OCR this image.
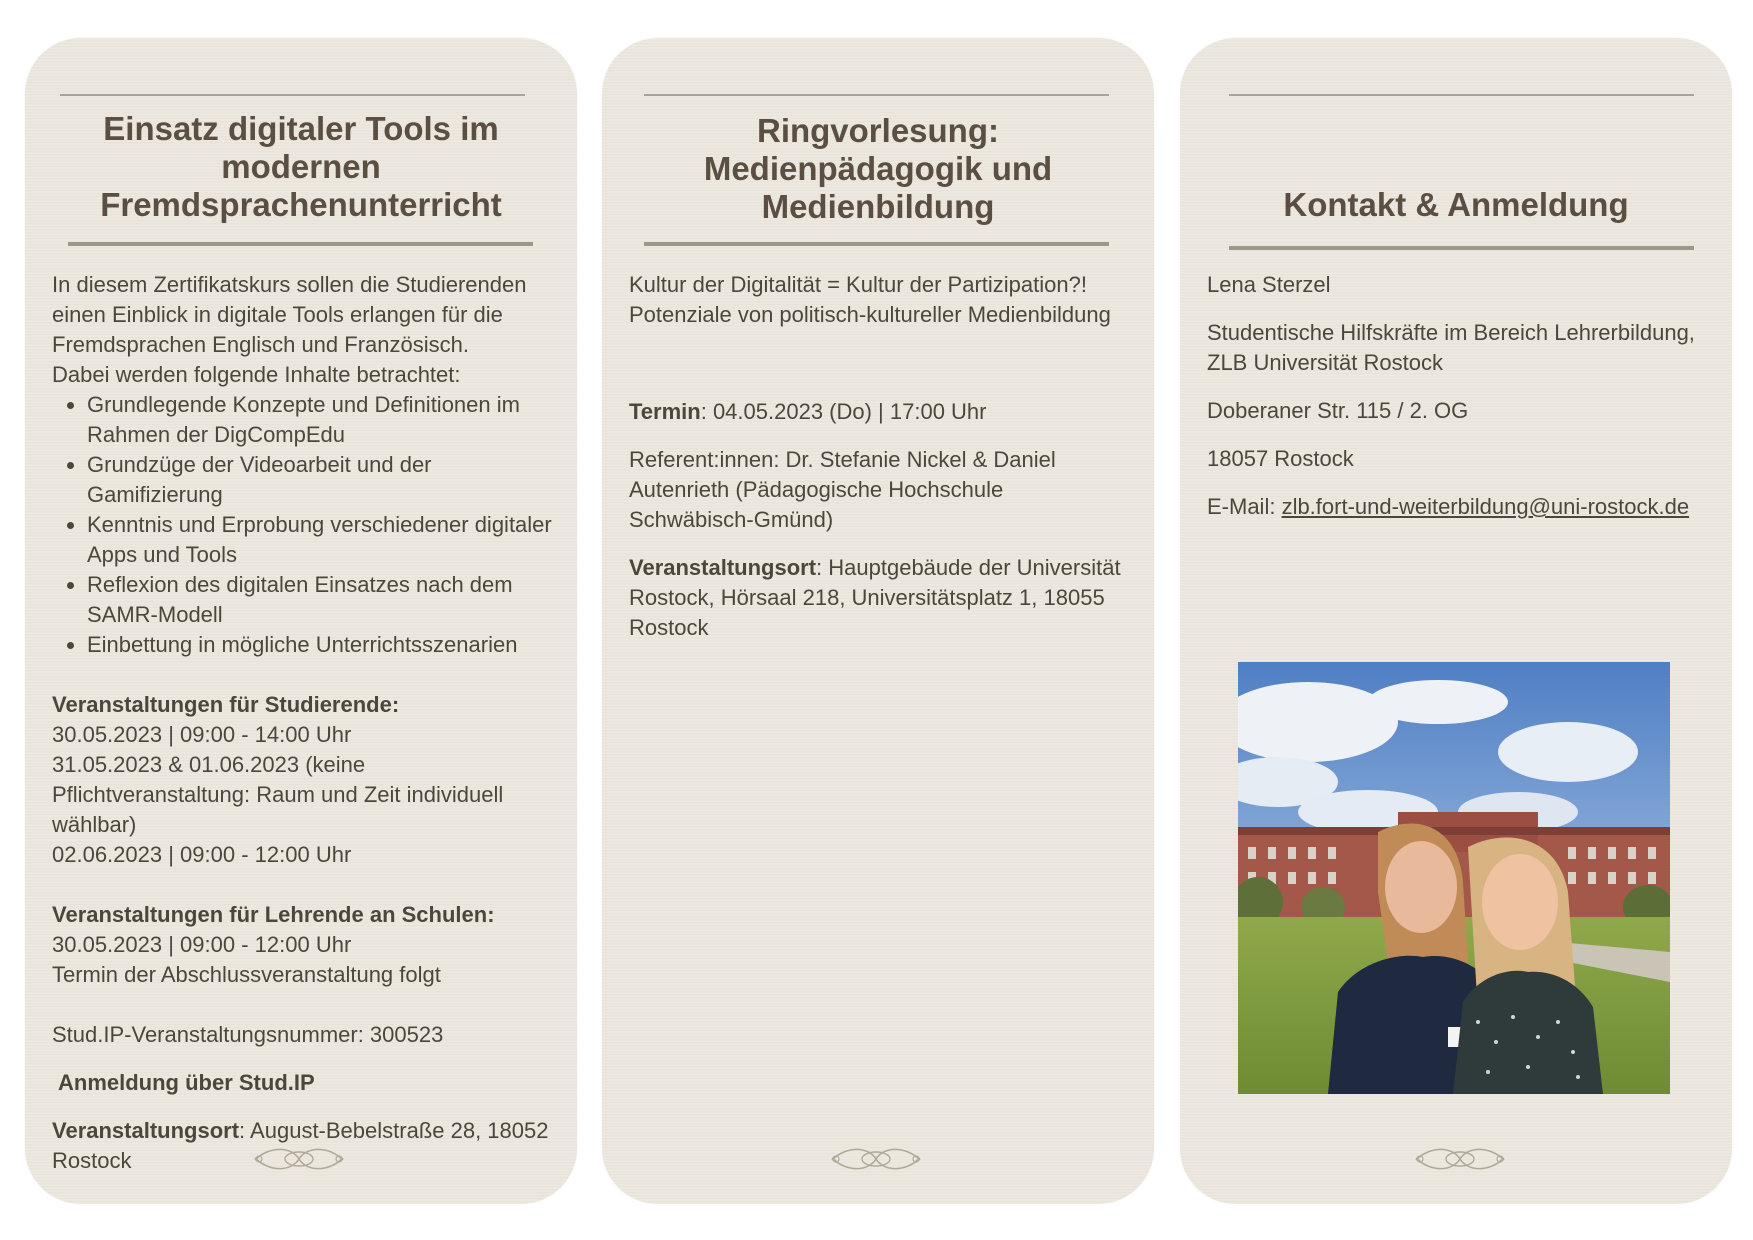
Einsatz digitaler Tools im modernen Fremdsprachenunterricht

In diesem Zertifikatskurs sollen die Studierenden einen Einblick in digitale Tools erlangen für die Fremdsprachen Englisch und Französisch.

Dabei werden folgende Inhalte betrachtet:

• Grundlegende Konzepte und Definitionen im Rahmen der DigCompEdu
• Grundzüge der Videoarbeit und der Gamifizierung
• Kenntnis und Erprobung verschiedener digitaler Apps und Tools
• Reflexion des digitalen Einsatzes nach dem SAMR-Modell
• Einbettung in mögliche Unterrichtsszenarien

Veranstaltungen für Studierende:

30.05.2023 | 09:00 - 14:00 Uhr

31.05.2023 & 01.06.2023 (keine Pflichtveranstaltung: Raum und Zeit individuell wählbar)

02.06.2023 | 09:00 - 12:00 Uhr

Veranstaltungen für Lehrende an Schulen:

30.05.2023 | 09:00 - 12:00 Uhr

Termin der Abschlussveranstaltung folgt

Stud.IP-Veranstaltungsnummer: 300523

Anmeldung über Stud.IP

Veranstaltungsort: August-Bebelstraße 28, 18052 Rostock

Ringvorlesung: Medienpädagogik und Medienbildung

Kultur der Digitalität = Kultur der Partizipation?! Potenziale von politisch-kultureller Medienbildung

Termin: 04.05.2023 (Do) | 17:00 Uhr

Referent:innen: Dr. Stefanie Nickel & Daniel Autenrieth (Pädagogische Hochschule Schwäbisch-Gmünd)

Veranstaltungsort: Hauptgebäude der Universität Rostock, Hörsaal 218, Universitätsplatz 1, 18055 Rostock

Kontakt & Anmeldung

Lena Sterzel

Studentische Hilfskräfte im Bereich Lehrerbildung, ZLB Universität Rostock

Doberaner Str. 115 / 2. OG

18057 Rostock

E-Mail: zlb.fort-und-weiterbildung@uni-rostock.de
